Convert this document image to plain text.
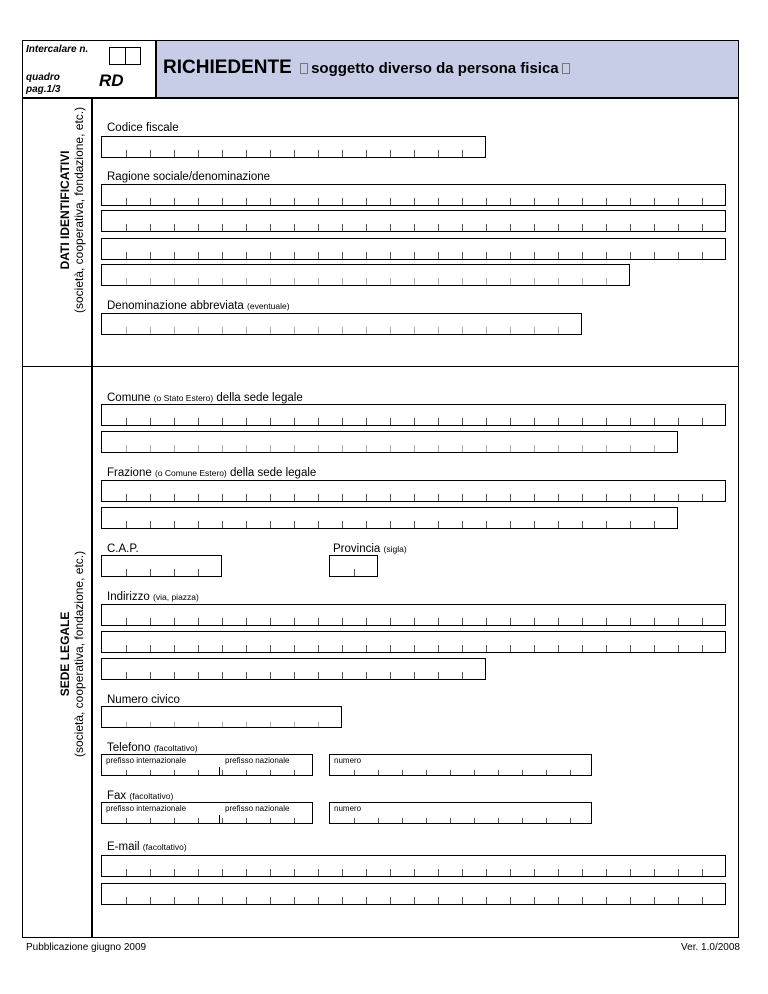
Intercalare n.
quadro
pag.1/3 RD
RICHIEDENTE soggetto diverso da persona fisica
DATI IDENTIFICATIVI (società, cooperativa, fondazione, etc.)
SEDE LEGALE (società, cooperativa, fondazione, etc.)
Codice fiscale
Ragione sociale/denominazione
Denominazione abbreviata (eventuale)
Comune (o Stato Estero) della sede legale
Frazione (o Comune Estero) della sede legale
C.A.P.	Provincia (sigla)
Indirizzo (via, piazza)
Numero civico
Telefono (facoltativo)
prefisso internazionale	prefisso nazionale	numero
Fax (facoltativo)
prefisso internazionale	prefisso nazionale	numero
E-mail (facoltativo)
Pubblicazione giugno 2009	Ver. 1.0/2008
